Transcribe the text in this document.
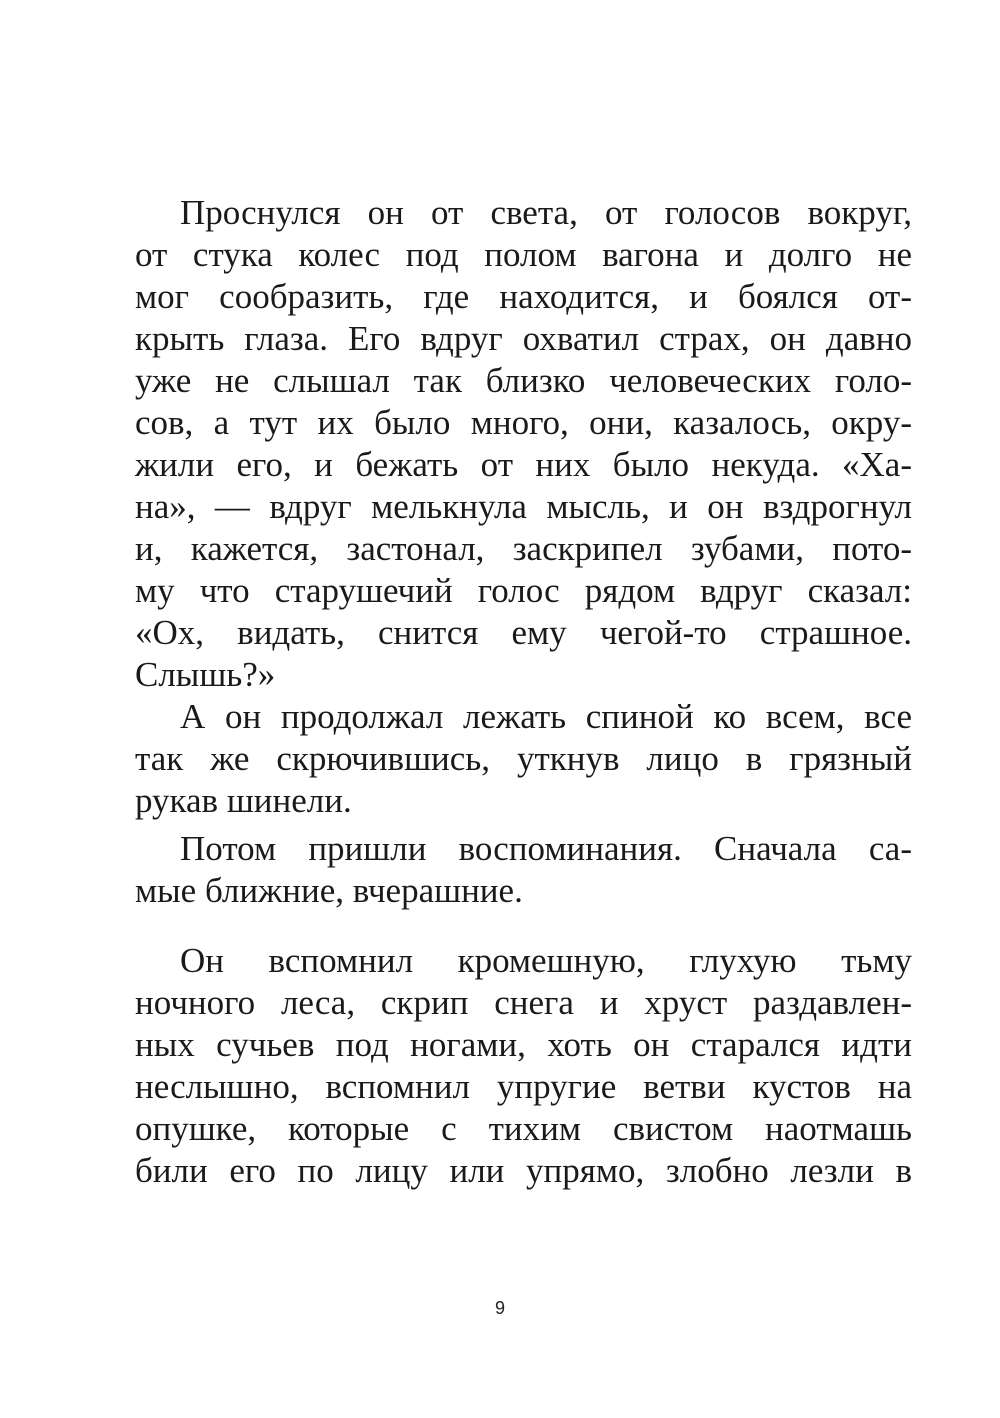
Проснулся он от света, от голосов вокруг,
от стука колес под полом вагона и долго не
мог сообразить, где находится, и боялся от-
крыть глаза. Его вдруг охватил страх, он давно
уже не слышал так близко человеческих голо-
сов, а тут их было много, они, казалось, окру-
жили его, и бежать от них было некуда. «Ха-
на», — вдруг мелькнула мысль, и он вздрогнул
и, кажется, застонал, заскрипел зубами, пото-
му что старушечий голос рядом вдруг сказал:
«Ох, видать, снится ему чегой-то страшное.
Слышь?»
А он продолжал лежать спиной ко всем, все
так же скрючившись, уткнув лицо в грязный
рукав шинели.
Потом пришли воспоминания. Сначала са-
мые ближние, вчерашние.
Он вспомнил кромешную, глухую тьму
ночного леса, скрип снега и хруст раздавлен-
ных сучьев под ногами, хоть он старался идти
неслышно, вспомнил упругие ветви кустов на
опушке, которые с тихим свистом наотмашь
били его по лицу или упрямо, злобно лезли в
9
